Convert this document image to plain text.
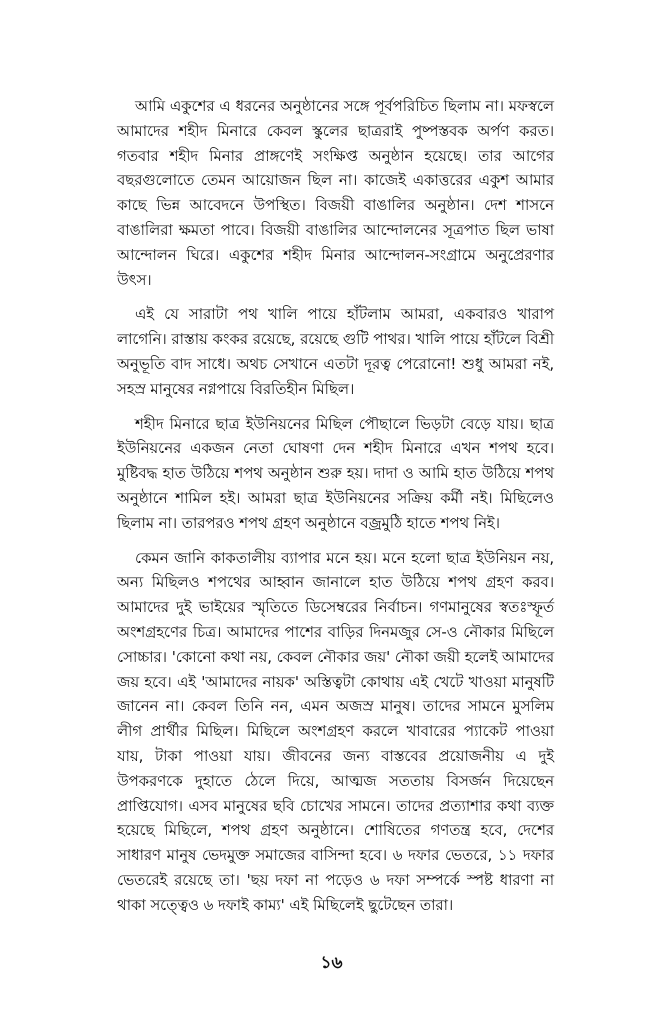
আমি একুশের এ ধরনের অনুষ্ঠানের সঙ্গে পূর্বপরিচিত ছিলাম না। মফস্বলে আমাদের শহীদ মিনারে কেবল স্কুলের ছাত্ররাই পুষ্পস্তবক অর্পণ করত। গতবার শহীদ মিনার প্রাঙ্গণেই সংক্ষিপ্ত অনুষ্ঠান হয়েছে। তার আগের বছরগুলোতে তেমন আয়োজন ছিল না। কাজেই একাত্তরের একুশ আমার কাছে ভিন্ন আবেদনে উপস্থিত। বিজয়ী বাঙালির অনুষ্ঠান। দেশ শাসনে বাঙালিরা ক্ষমতা পাবে। বিজয়ী বাঙালির আন্দোলনের সূত্রপাত ছিল ভাষা আন্দোলন ঘিরে। একুশের শহীদ মিনার আন্দোলন-সংগ্রামে অনুপ্রেরণার উৎস।

এই যে সারাটা পথ খালি পায়ে হাঁটলাম আমরা, একবারও খারাপ লাগেনি। রাস্তায় কংকর রয়েছে, রয়েছে গুটি পাথর। খালি পায়ে হাঁটলে বিশ্রী অনুভূতি বাদ সাধে। অথচ সেখানে এতটা দূরত্ব পেরোনো! শুধু আমরা নই, সহস্র মানুষের নগ্নপায়ে বিরতিহীন মিছিল।

শহীদ মিনারে ছাত্র ইউনিয়নের মিছিল পৌছালে ভিড়টা বেড়ে যায়। ছাত্র ইউনিয়নের একজন নেতা ঘোষণা দেন শহীদ মিনারে এখন শপথ হবে। মুষ্টিবদ্ধ হাত উঠিয়ে শপথ অনুষ্ঠান শুরু হয়। দাদা ও আমি হাত উঠিয়ে শপথ অনুষ্ঠানে শামিল হই। আমরা ছাত্র ইউনিয়নের সক্রিয় কর্মী নই। মিছিলেও ছিলাম না। তারপরও শপথ গ্রহণ অনুষ্ঠানে বজ্রমুঠি হাতে শপথ নিই।

কেমন জানি কাকতালীয় ব্যাপার মনে হয়। মনে হলো ছাত্র ইউনিয়ন নয়, অন্য মিছিলও শপথের আহ্বান জানালে হাত উঠিয়ে শপথ গ্রহণ করব। আমাদের দুই ভাইয়ের স্মৃতিতে ডিসেম্বরের নির্বাচন। গণমানুষের স্বতঃস্ফূর্ত অংশগ্রহণের চিত্র। আমাদের পাশের বাড়ির দিনমজুর সে-ও নৌকার মিছিলে সোচ্চার। 'কোনো কথা নয়, কেবল নৌকার জয়' নৌকা জয়ী হলেই আমাদের জয় হবে। এই 'আমাদের নায়ক' অস্তিত্বটা কোথায় এই খেটে খাওয়া মানুষটি জানেন না। কেবল তিনি নন, এমন অজস্র মানুষ। তাদের সামনে মুসলিম লীগ প্রার্থীর মিছিল। মিছিলে অংশগ্রহণ করলে খাবারের প্যাকেট পাওয়া যায়, টাকা পাওয়া যায়। জীবনের জন্য বাস্তবের প্রয়োজনীয় এ দুই উপকরণকে দুহাতে ঠেলে দিয়ে, আত্মজ সততায় বিসর্জন দিয়েছেন প্রাপ্তিযোগ। এসব মানুষের ছবি চোখের সামনে। তাদের প্রত্যাশার কথা ব্যক্ত হয়েছে মিছিলে, শপথ গ্রহণ অনুষ্ঠানে। শোষিতের গণতন্ত্র হবে, দেশের সাধারণ মানুষ ভেদমুক্ত সমাজের বাসিন্দা হবে। ৬ দফার ভেতরে, ১১ দফার ভেতরেই রয়েছে তা। 'ছয় দফা না পড়েও ৬ দফা সম্পর্কে স্পষ্ট ধারণা না থাকা সত্ত্বেও ৬ দফাই কাম্য' এই মিছিলেই ছুটেছেন তারা।

১৬
